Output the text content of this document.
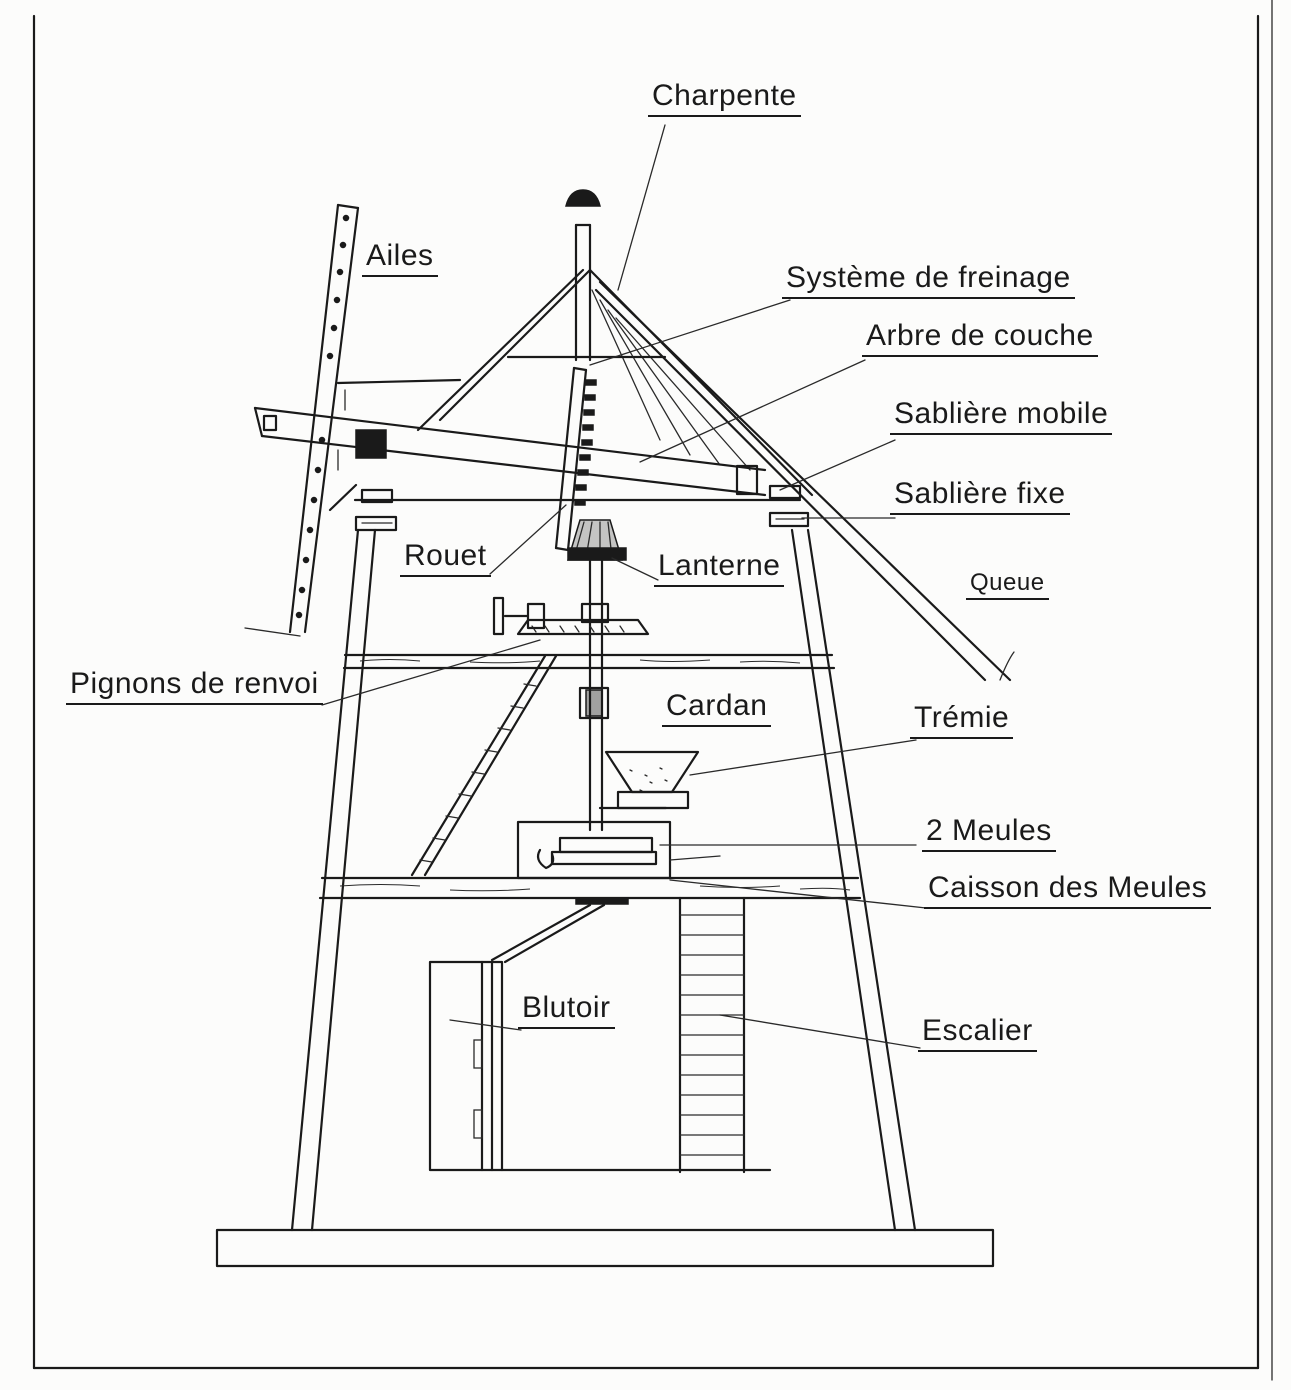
Charpente
Ailes
Système de freinage
Arbre de couche
Sablière mobile
Sablière fixe
Rouet	Lanterne
Queue
Pignons de renvoi
Cardan	Trémie
2 Meules
Caisson des Meules
Blutoir
Escalier
